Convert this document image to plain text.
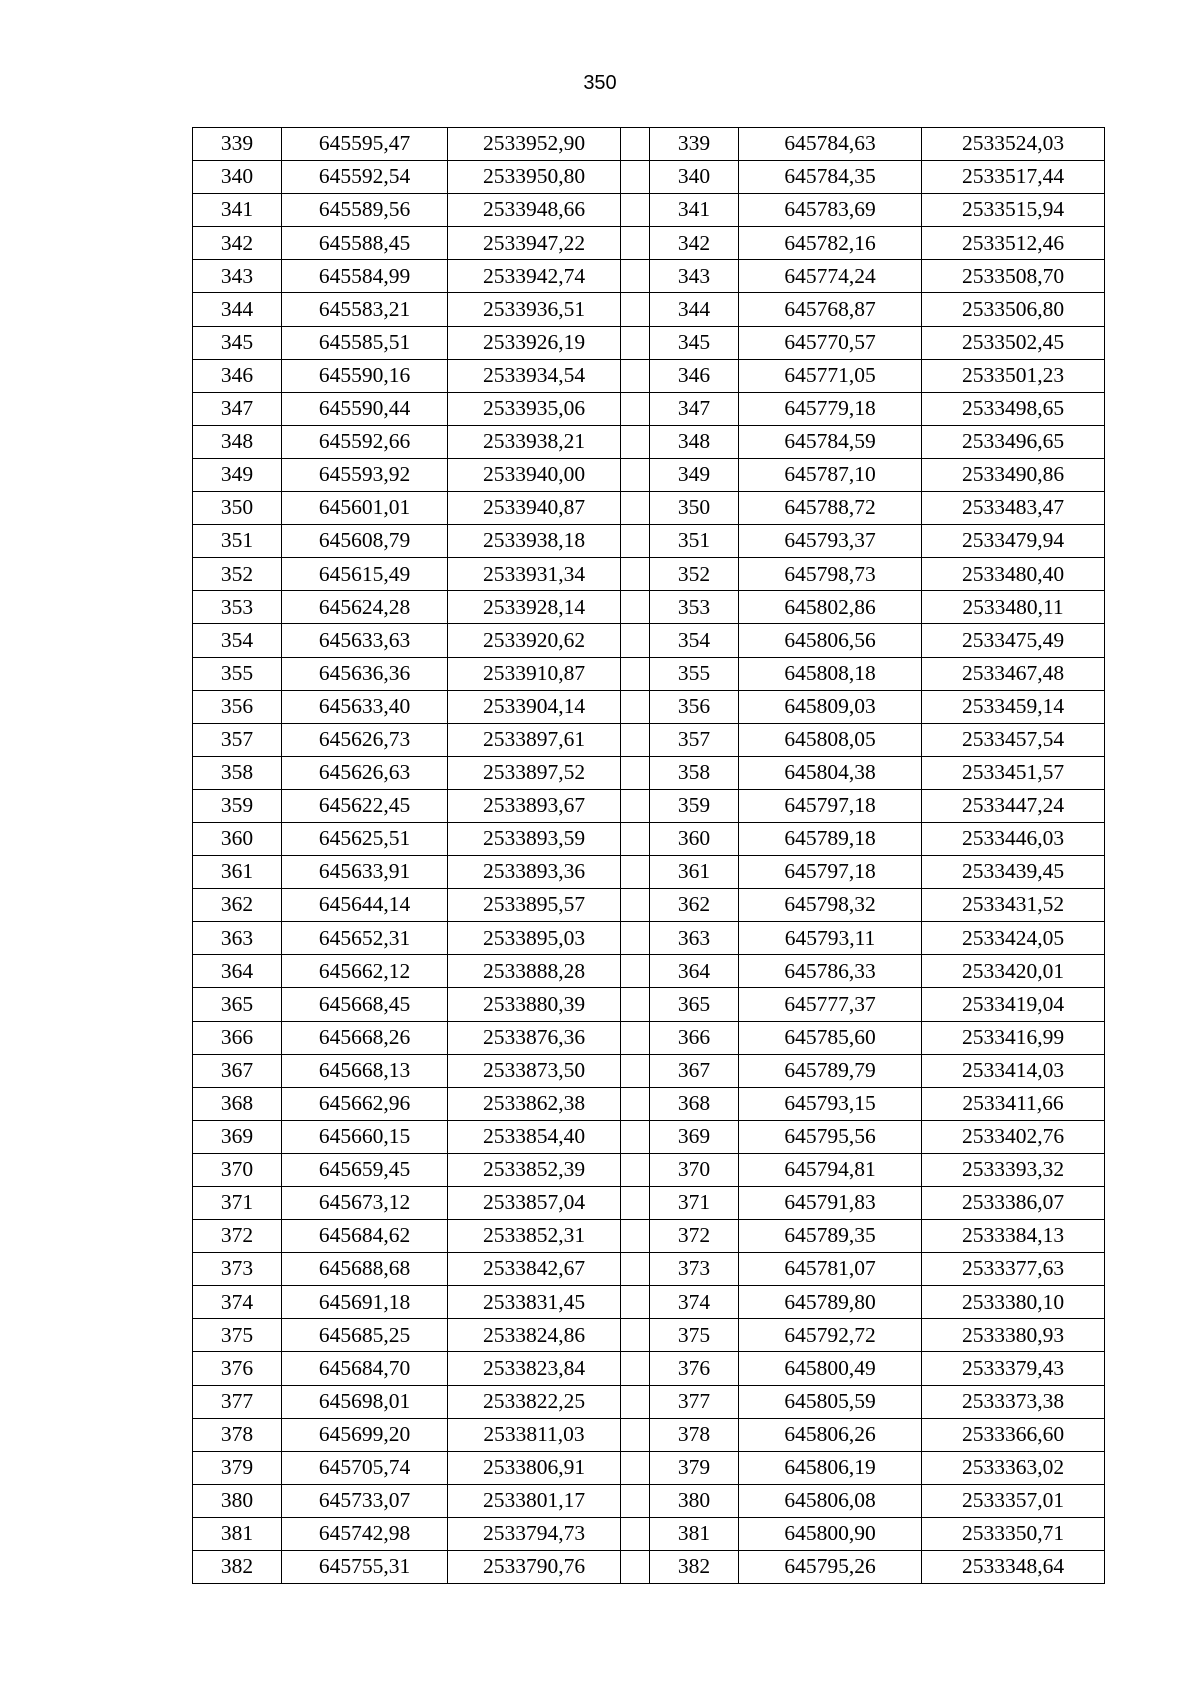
350
339	645595,47	2533952,90		339	645784,63	2533524,03
340	645592,54	2533950,80		340	645784,35	2533517,44
341	645589,56	2533948,66		341	645783,69	2533515,94
342	645588,45	2533947,22		342	645782,16	2533512,46
343	645584,99	2533942,74		343	645774,24	2533508,70
344	645583,21	2533936,51		344	645768,87	2533506,80
345	645585,51	2533926,19		345	645770,57	2533502,45
346	645590,16	2533934,54		346	645771,05	2533501,23
347	645590,44	2533935,06		347	645779,18	2533498,65
348	645592,66	2533938,21		348	645784,59	2533496,65
349	645593,92	2533940,00		349	645787,10	2533490,86
350	645601,01	2533940,87		350	645788,72	2533483,47
351	645608,79	2533938,18		351	645793,37	2533479,94
352	645615,49	2533931,34		352	645798,73	2533480,40
353	645624,28	2533928,14		353	645802,86	2533480,11
354	645633,63	2533920,62		354	645806,56	2533475,49
355	645636,36	2533910,87		355	645808,18	2533467,48
356	645633,40	2533904,14		356	645809,03	2533459,14
357	645626,73	2533897,61		357	645808,05	2533457,54
358	645626,63	2533897,52		358	645804,38	2533451,57
359	645622,45	2533893,67		359	645797,18	2533447,24
360	645625,51	2533893,59		360	645789,18	2533446,03
361	645633,91	2533893,36		361	645797,18	2533439,45
362	645644,14	2533895,57		362	645798,32	2533431,52
363	645652,31	2533895,03		363	645793,11	2533424,05
364	645662,12	2533888,28		364	645786,33	2533420,01
365	645668,45	2533880,39		365	645777,37	2533419,04
366	645668,26	2533876,36		366	645785,60	2533416,99
367	645668,13	2533873,50		367	645789,79	2533414,03
368	645662,96	2533862,38		368	645793,15	2533411,66
369	645660,15	2533854,40		369	645795,56	2533402,76
370	645659,45	2533852,39		370	645794,81	2533393,32
371	645673,12	2533857,04		371	645791,83	2533386,07
372	645684,62	2533852,31		372	645789,35	2533384,13
373	645688,68	2533842,67		373	645781,07	2533377,63
374	645691,18	2533831,45		374	645789,80	2533380,10
375	645685,25	2533824,86		375	645792,72	2533380,93
376	645684,70	2533823,84		376	645800,49	2533379,43
377	645698,01	2533822,25		377	645805,59	2533373,38
378	645699,20	2533811,03		378	645806,26	2533366,60
379	645705,74	2533806,91		379	645806,19	2533363,02
380	645733,07	2533801,17		380	645806,08	2533357,01
381	645742,98	2533794,73		381	645800,90	2533350,71
382	645755,31	2533790,76		382	645795,26	2533348,64
